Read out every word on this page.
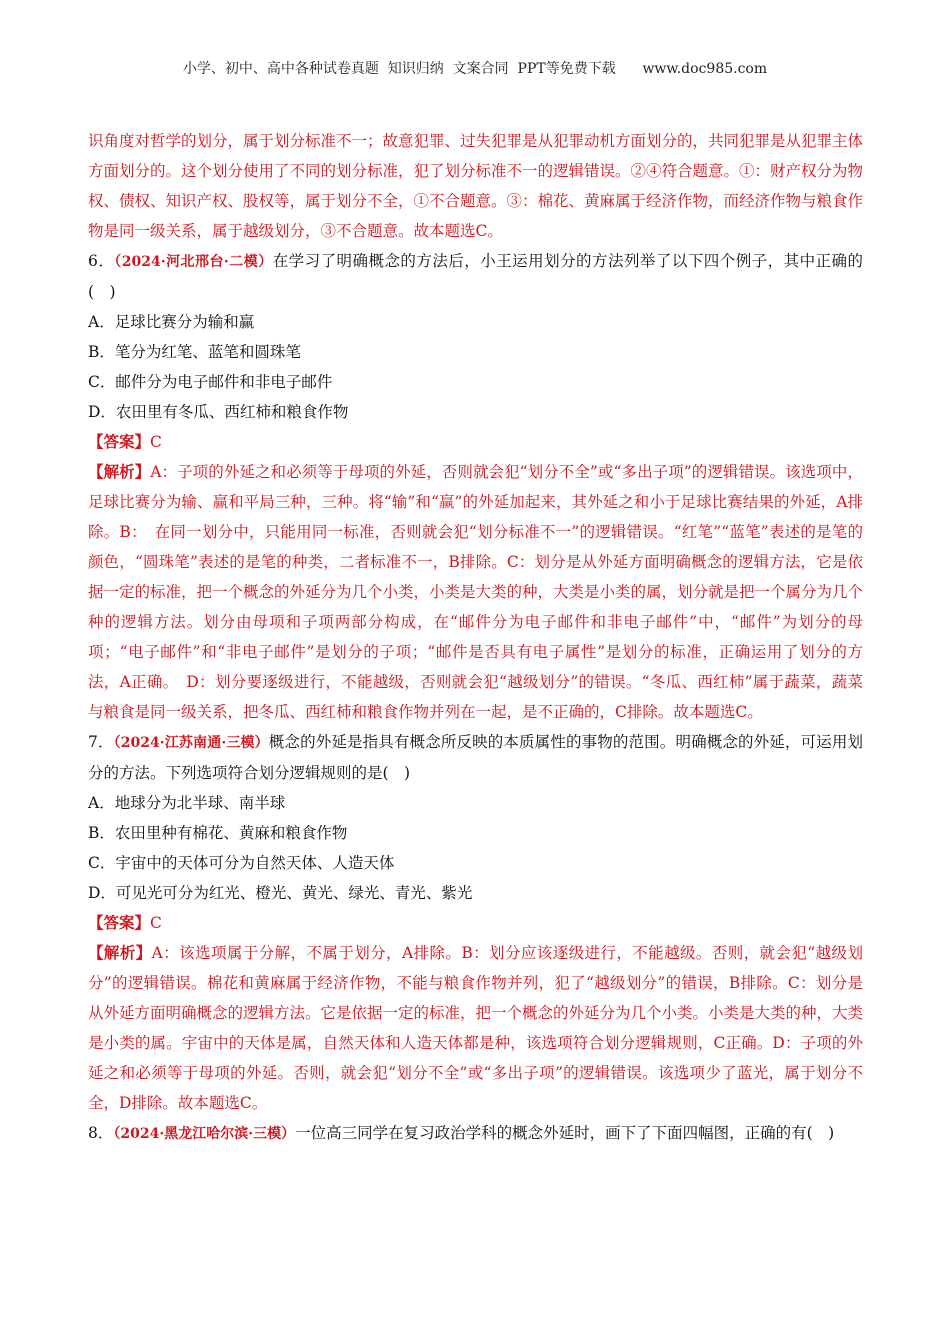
小学、初中、高中各种试卷真题  知识归纳  文案合同  PPT等免费下载      www.doc985.com

识角度对哲学的划分，属于划分标准不一；故意犯罪、过失犯罪是从犯罪动机方面划分的，共同犯罪是从犯罪主体方面划分的。这个划分使用了不同的划分标准，犯了划分标准不一的逻辑错误。②④符合题意。①：财产权分为物权、债权、知识产权、股权等，属于划分不全，①不合题意。③：棉花、黄麻属于经济作物，而经济作物与粮食作物是同一级关系，属于越级划分，③不合题意。故本题选C。

6．（2024·河北邢台·二模）在学习了明确概念的方法后，小王运用划分的方法列举了以下四个例子，其中正确的(　)

A．足球比赛分为输和赢

B．笔分为红笔、蓝笔和圆珠笔

C．邮件分为电子邮件和非电子邮件

D．农田里有冬瓜、西红柿和粮食作物

【答案】C

【解析】A：子项的外延之和必须等于母项的外延，否则就会犯“划分不全”或“多出子项”的逻辑错误。该选项中，足球比赛分为输、赢和平局三种，三种。将“输”和“赢”的外延加起来，其外延之和小于足球比赛结果的外延，A排除。B：　在同一划分中，只能用同一标准，否则就会犯“划分标准不一”的逻辑错误。“红笔”“蓝笔”表述的是笔的颜色，“圆珠笔”表述的是笔的种类，二者标准不一，B排除。C：划分是从外延方面明确概念的逻辑方法，它是依据一定的标准，把一个概念的外延分为几个小类，小类是大类的种，大类是小类的属，划分就是把一个属分为几个种的逻辑方法。划分由母项和子项两部分构成，在“邮件分为电子邮件和非电子邮件”中，“邮件”为划分的母项；“电子邮件”和“非电子邮件”是划分的子项；“邮件是否具有电子属性”是划分的标准，正确运用了划分的方法，A正确。　D：划分要逐级进行，不能越级，否则就会犯“越级划分”的错误。“冬瓜、西红柿”属于蔬菜，蔬菜与粮食是同一级关系，把冬瓜、西红柿和粮食作物并列在一起，是不正确的，C排除。故本题选C。

7．（2024·江苏南通·三模）概念的外延是指具有概念所反映的本质属性的事物的范围。明确概念的外延，可运用划分的方法。下列选项符合划分逻辑规则的是(　)

A．地球分为北半球、南半球

B．农田里种有棉花、黄麻和粮食作物

C．宇宙中的天体可分为自然天体、人造天体

D．可见光可分为红光、橙光、黄光、绿光、青光、紫光

【答案】C

【解析】A：该选项属于分解，不属于划分，A排除。B：划分应该逐级进行，不能越级。否则，就会犯“越级划分”的逻辑错误。棉花和黄麻属于经济作物，不能与粮食作物并列，犯了“越级划分”的错误，B排除。C：划分是从外延方面明确概念的逻辑方法。它是依据一定的标准，把一个概念的外延分为几个小类。小类是大类的种，大类是小类的属。宇宙中的天体是属，自然天体和人造天体都是种，该选项符合划分逻辑规则，C正确。D：子项的外延之和必须等于母项的外延。否则，就会犯“划分不全”或“多出子项”的逻辑错误。该选项少了蓝光，属于划分不全，D排除。故本题选C。

8．（2024·黑龙江哈尔滨·三模）一位高三同学在复习政治学科的概念外延时，画下了下面四幅图，正确的有(　)
